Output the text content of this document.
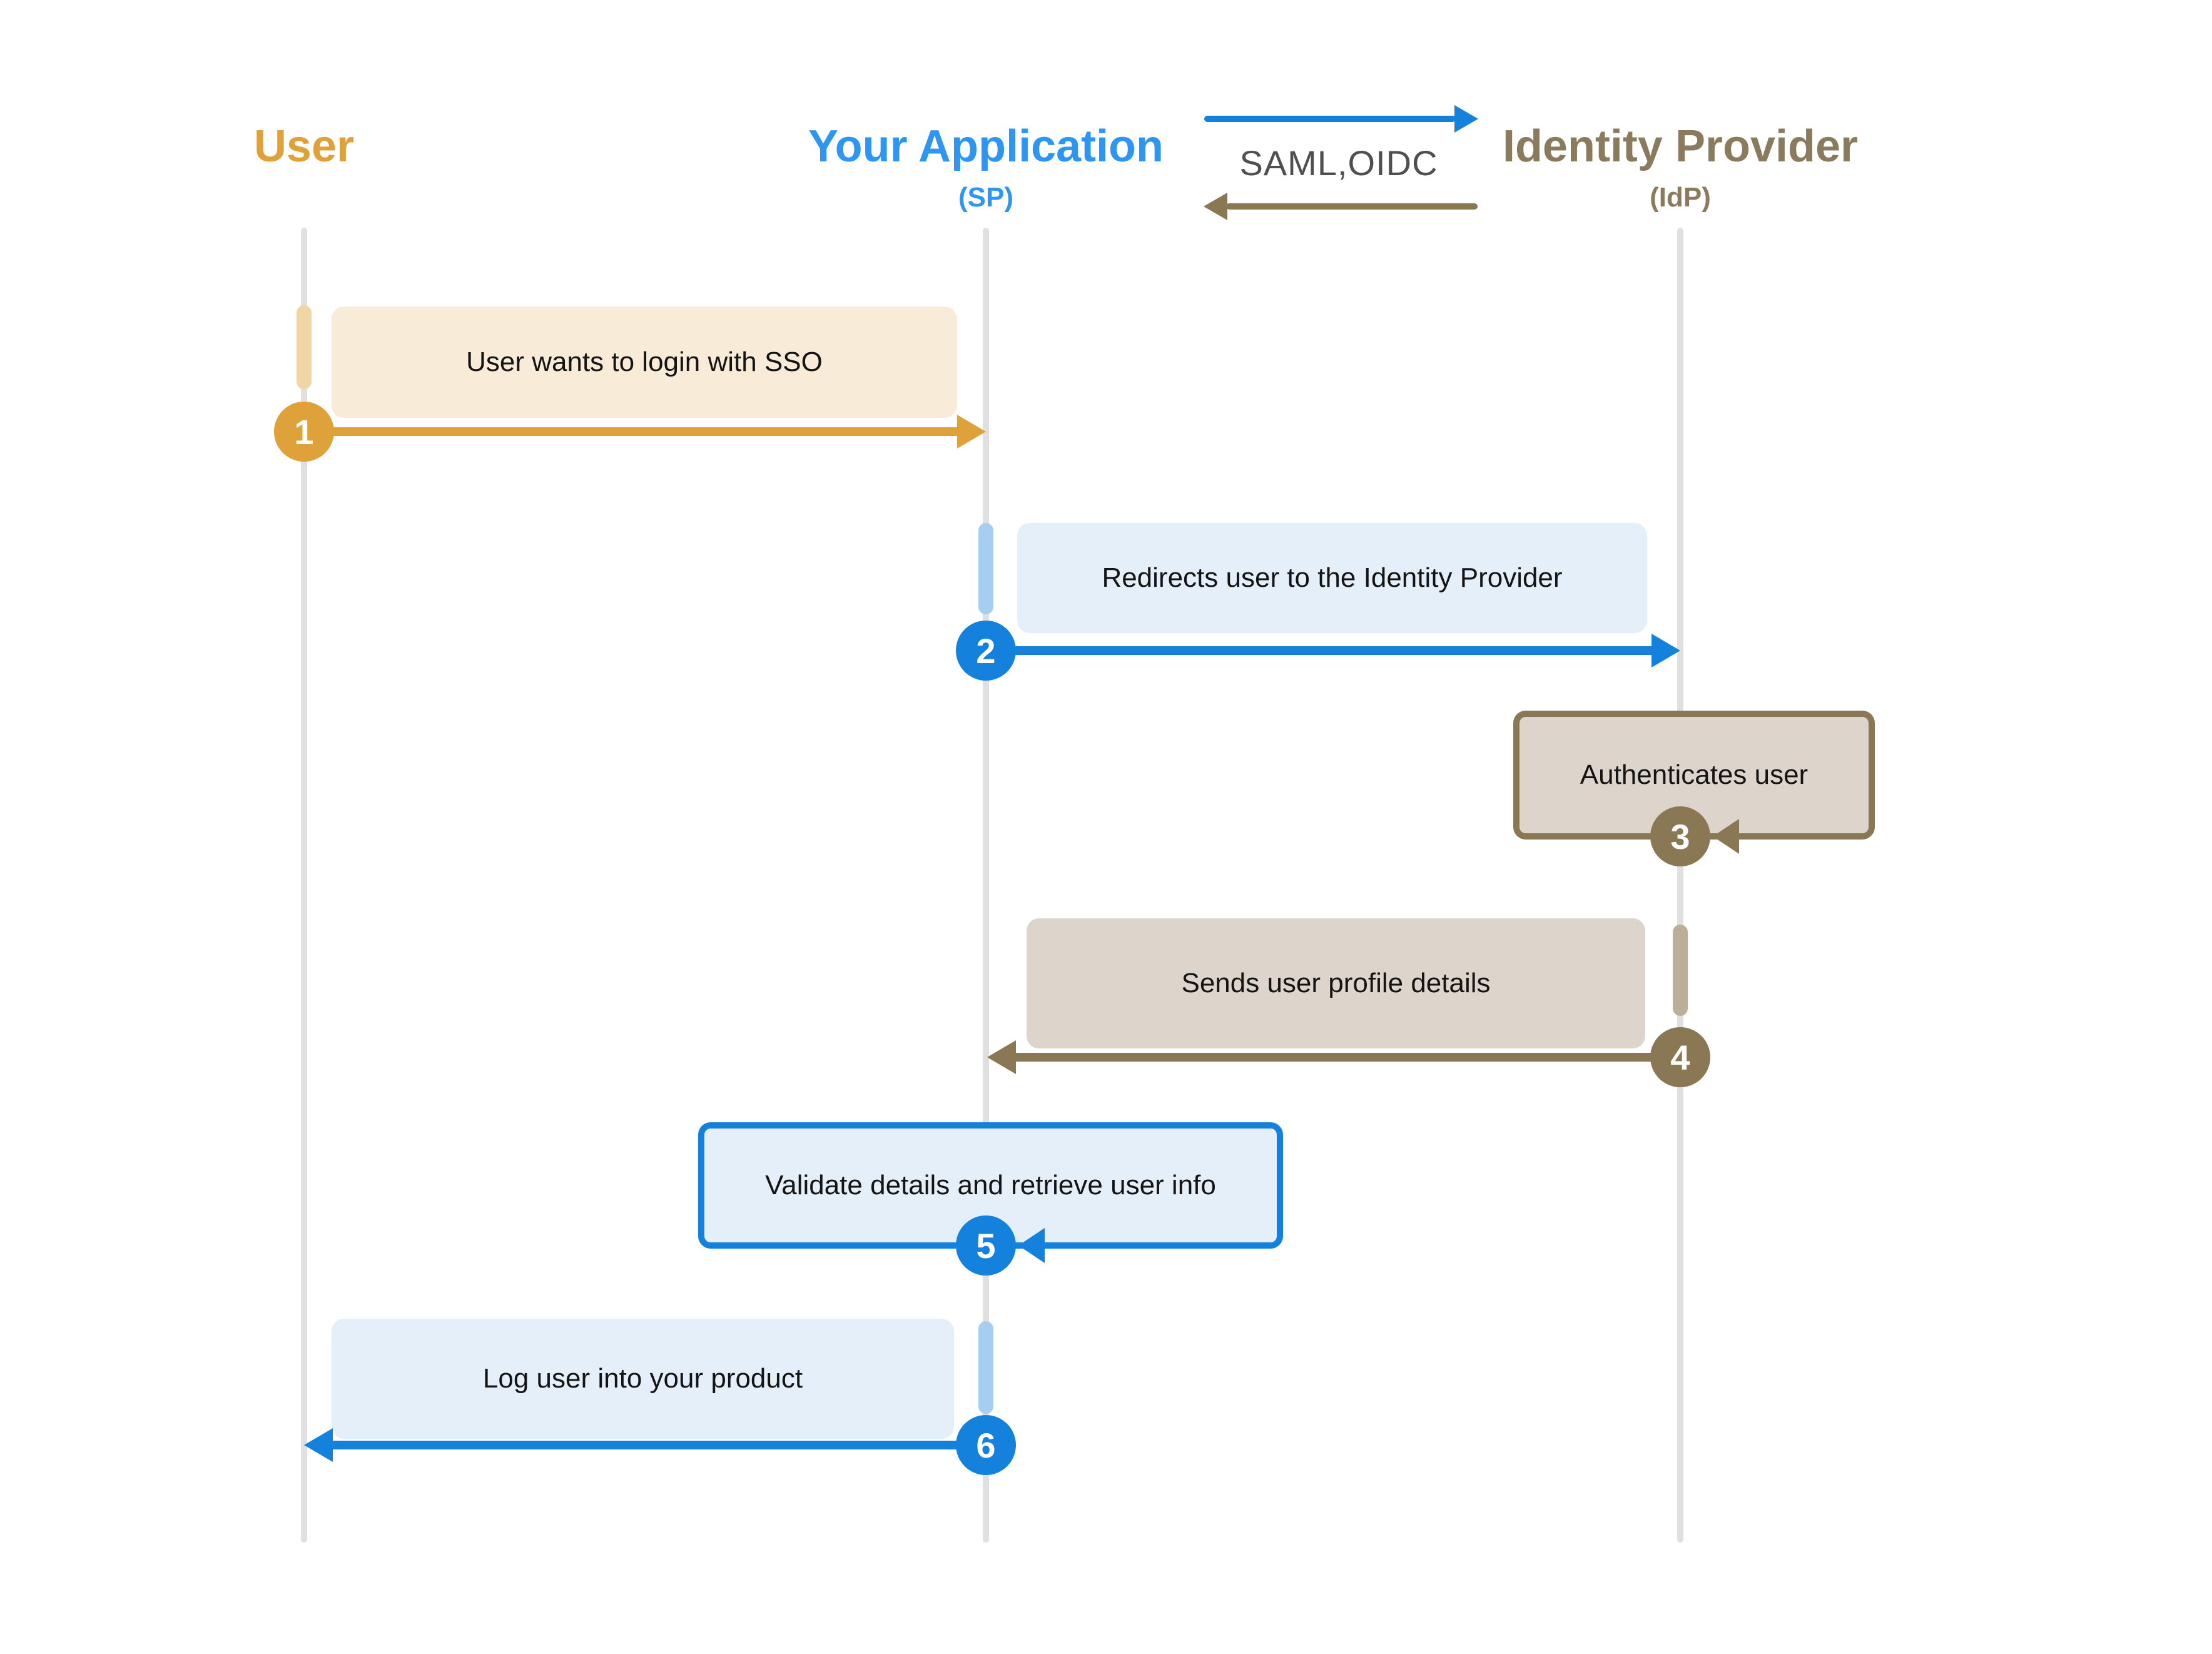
User	Your Application
(SP)
Identity Provider
(IdP)
SAML,OIDC
User wants to login with SSO
1
Redirects user to the Identity Provider
2
Authenticates user
3
Sends user profile details
4
Validate details and retrieve user info
5
Log user into your product
6
